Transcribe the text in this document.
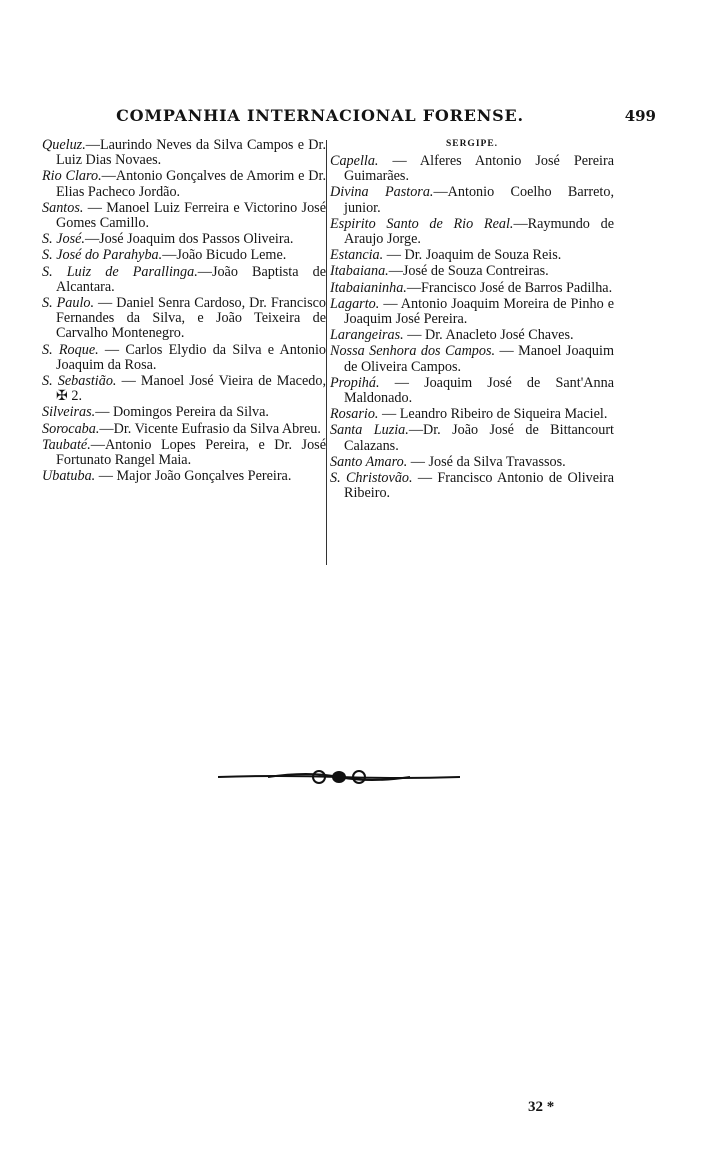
COMPANHIA INTERNACIONAL FORENSE.	499
Queluz.—Laurindo Neves da Silva Campos e Dr. Luiz Dias Novaes.
Rio Claro.—Antonio Gonçalves de Amorim e Dr. Elias Pacheco Jordão.
Santos. — Manoel Luiz Ferreira e Victorino José Gomes Camillo.
S. José.—José Joaquim dos Passos Oliveira.
S. José do Parahyba.—João Bicudo Leme.
S. Luiz de Parallinga.—João Baptista de Alcantara.
S. Paulo. — Daniel Senra Cardoso, Dr. Francisco Fernandes da Silva, e João Teixeira de Carvalho Montenegro.
S. Roque. — Carlos Elydio da Silva e Antonio Joaquim da Rosa.
S. Sebastião. — Manoel José Vieira de Macedo, ✠ 2.
Silveiras.— Domingos Pereira da Silva.
Sorocaba.—Dr. Vicente Eufrasio da Silva Abreu.
Taubaté.—Antonio Lopes Pereira, e Dr. José Fortunato Rangel Maia.
Ubatuba. — Major João Gonçalves Pereira.
SERGIPE.
Capella. — Alferes Antonio José Pereira Guimarães.
Divina Pastora.—Antonio Coelho Barreto, junior.
Espirito Santo de Rio Real.—Raymundo de Araujo Jorge.
Estancia. — Dr. Joaquim de Souza Reis.
Itabaiana.—José de Souza Contreiras.
Itabaianinha.—Francisco José de Barros Padilha.
Lagarto. — Antonio Joaquim Moreira de Pinho e Joaquim José Pereira.
Larangeiras. — Dr. Anacleto José Chaves.
Nossa Senhora dos Campos. — Manoel Joaquim de Oliveira Campos.
Propihá. — Joaquim José de Sant'Anna Maldonado.
Rosario. — Leandro Ribeiro de Siqueira Maciel.
Santa Luzia.—Dr. João José de Bittancourt Calazans.
Santo Amaro. — José da Silva Travassos.
S. Christovão. — Francisco Antonio de Oliveira Ribeiro.
32 *
